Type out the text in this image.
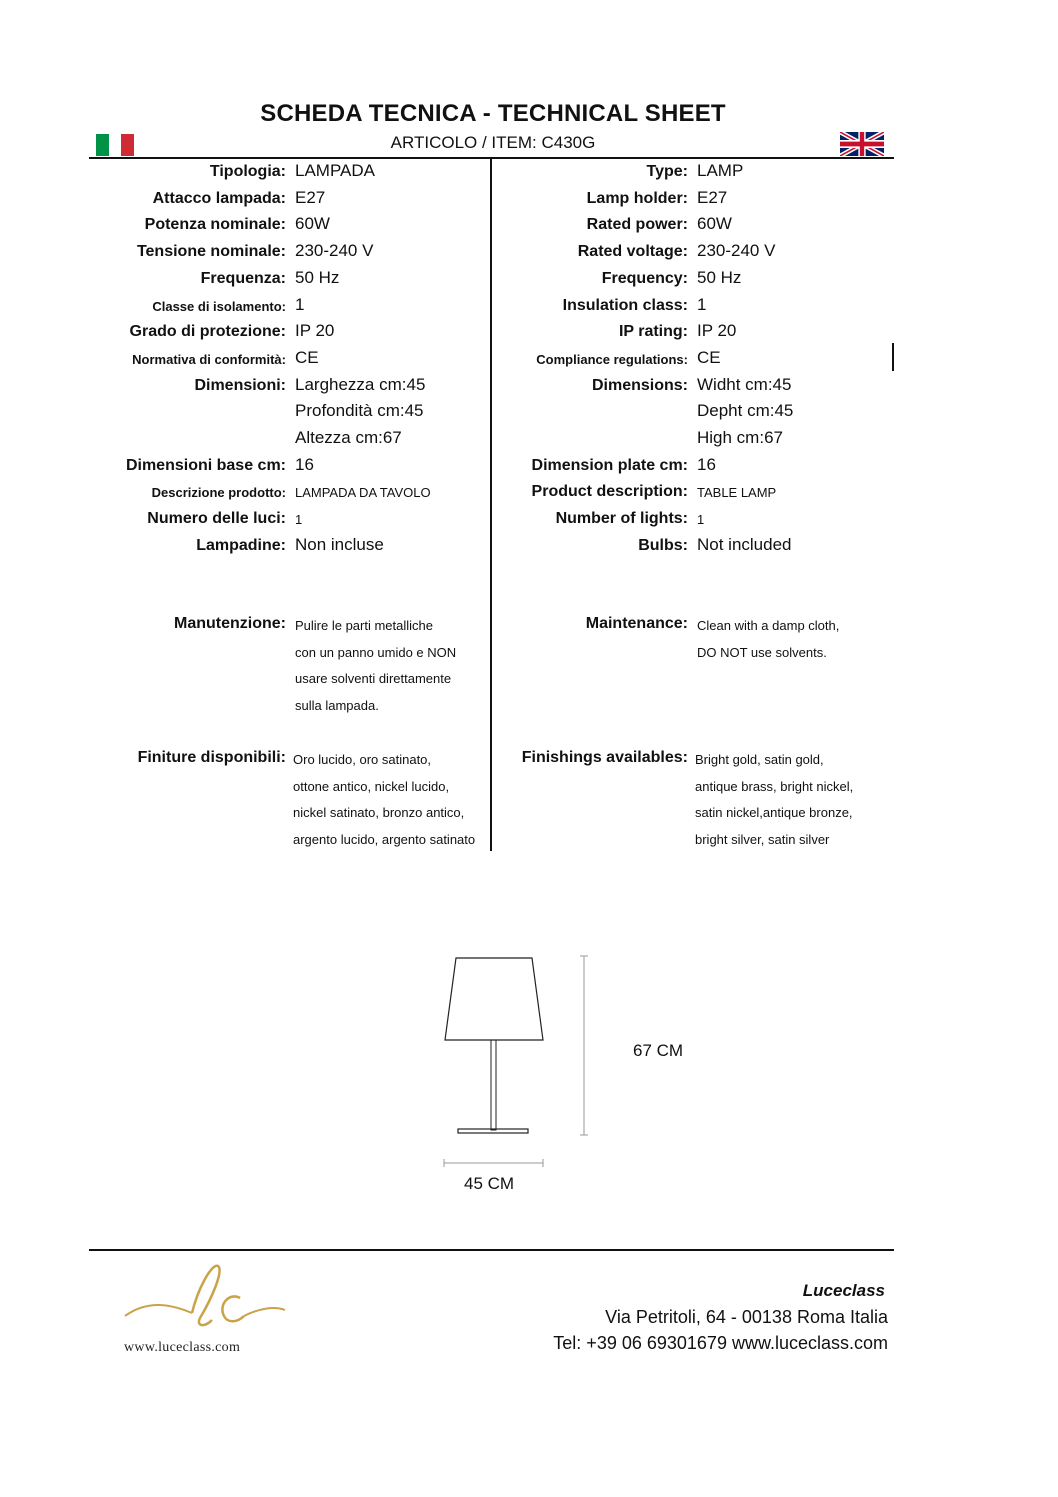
SCHEDA TECNICA - TECHNICAL SHEET
ARTICOLO / ITEM: C430G
Tipologia: LAMPADA
Attacco lampada: E27
Potenza nominale: 60W
Tensione nominale: 230-240 V
Frequenza: 50 Hz
Classe di isolamento: 1
Grado di protezione: IP 20
Normativa di conformità: CE
Dimensioni: Larghezza cm:45
Profondità cm:45
Altezza cm:67
Dimensioni base cm: 16
Descrizione prodotto: LAMPADA DA TAVOLO
Numero delle luci: 1
Lampadine: Non incluse
Type: LAMP
Lamp holder: E27
Rated power: 60W
Rated voltage: 230-240 V
Frequency: 50 Hz
Insulation class: 1
IP rating: IP 20
Compliance regulations: CE
Dimensions: Widht cm:45
Depht cm:45
High cm:67
Dimension plate cm: 16
Product description: TABLE LAMP
Number of lights: 1
Bulbs: Not included
Manutenzione: Pulire le parti metalliche
con un panno umido e NON
usare solventi direttamente
sulla lampada.
Maintenance: Clean with a damp cloth,
DO NOT use solvents.
Finiture disponibili: Oro lucido, oro satinato,
ottone antico, nickel lucido,
nickel satinato, bronzo antico,
argento lucido, argento satinato
Finishings availables: Bright gold, satin gold,
antique brass, bright nickel,
satin nickel,antique bronze,
bright silver, satin silver
67 CM
45 CM
www.luceclass.com
Luceclass
Via Petritoli, 64 - 00138 Roma Italia
Tel: +39 06 69301679 www.luceclass.com
